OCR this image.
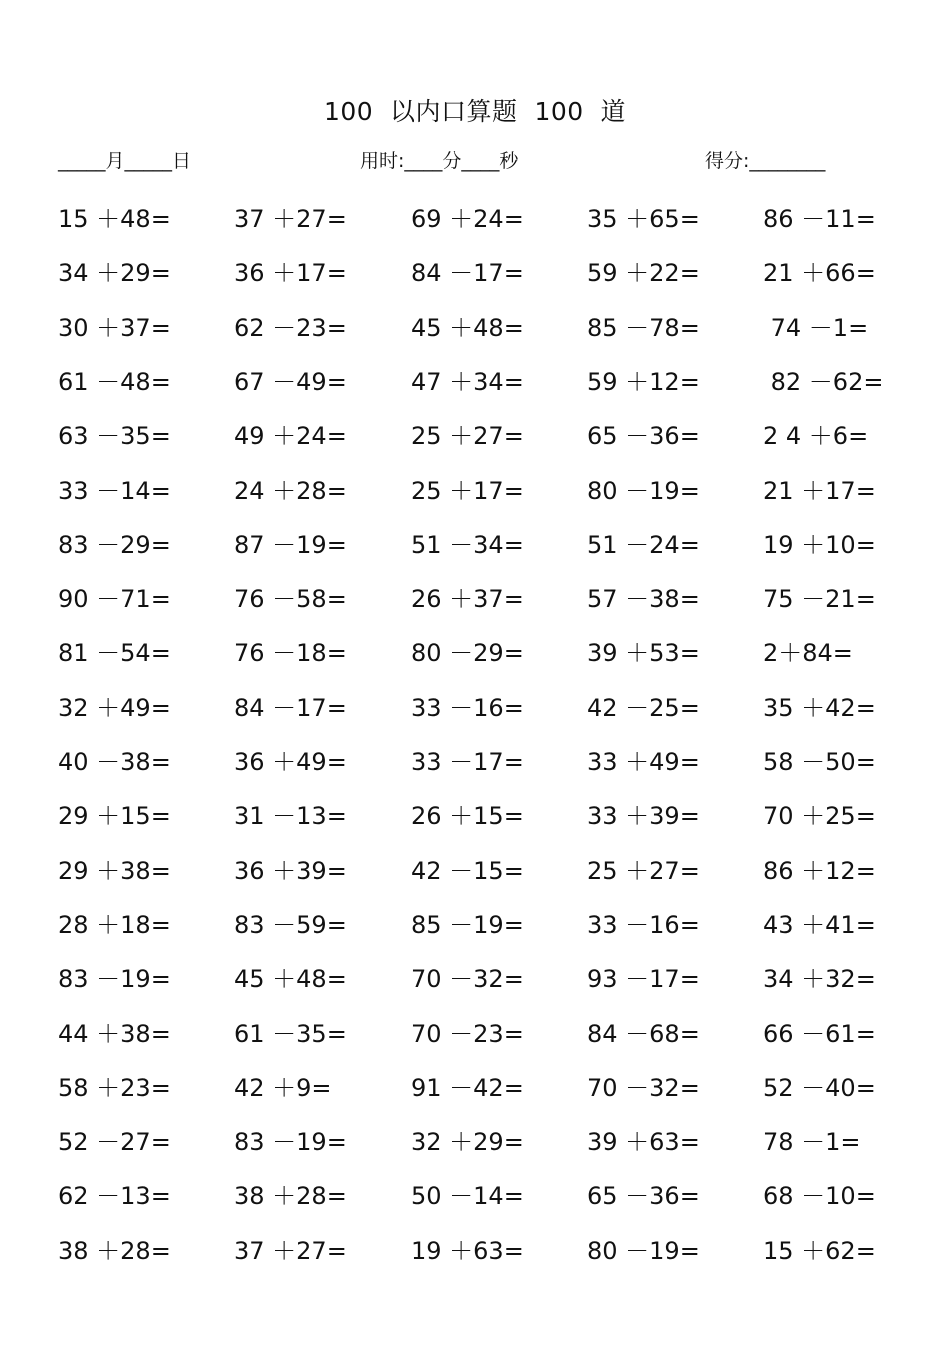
100  以内口算题  100  道
_____月_____日	用时:____分____秒	得分:________
15 ＋48=	37 ＋27=	69 ＋24=	35 ＋65=	86 －11=
34 ＋29=	36 ＋17=	84 －17=	59 ＋22=	21 ＋66=
30 ＋37=	62 －23=	45 ＋48=	85 －78=	74 －1=
61 －48=	67 －49=	47 ＋34=	59 ＋12=	82 －62=
63 －35=	49 ＋24=	25 ＋27=	65 －36=	2 4 ＋6=
33 －14=	24 ＋28=	25 ＋17=	80 －19=	21 ＋17=
83 －29=	87 －19=	51 －34=	51 －24=	19 ＋10=
90 －71=	76 －58=	26 ＋37=	57 －38=	75 －21=
81 －54=	76 －18=	80 －29=	39 ＋53=	2＋84=
32 ＋49=	84 －17=	33 －16=	42 －25=	35 ＋42=
40 －38=	36 ＋49=	33 －17=	33 ＋49=	58 －50=
29 ＋15=	31 －13=	26 ＋15=	33 ＋39=	70 ＋25=
29 ＋38=	36 ＋39=	42 －15=	25 ＋27=	86 ＋12=
28 ＋18=	83 －59=	85 －19=	33 －16=	43 ＋41=
83 －19=	45 ＋48=	70 －32=	93 －17=	34 ＋32=
44 ＋38=	61 －35=	70 －23=	84 －68=	66 －61=
58 ＋23=	42 ＋9=	91 －42=	70 －32=	52 －40=
52 －27=	83 －19=	32 ＋29=	39 ＋63=	78 －1=
62 －13=	38 ＋28=	50 －14=	65 －36=	68 －10=
38 ＋28=	37 ＋27=	19 ＋63=	80 －19=	15 ＋62=
